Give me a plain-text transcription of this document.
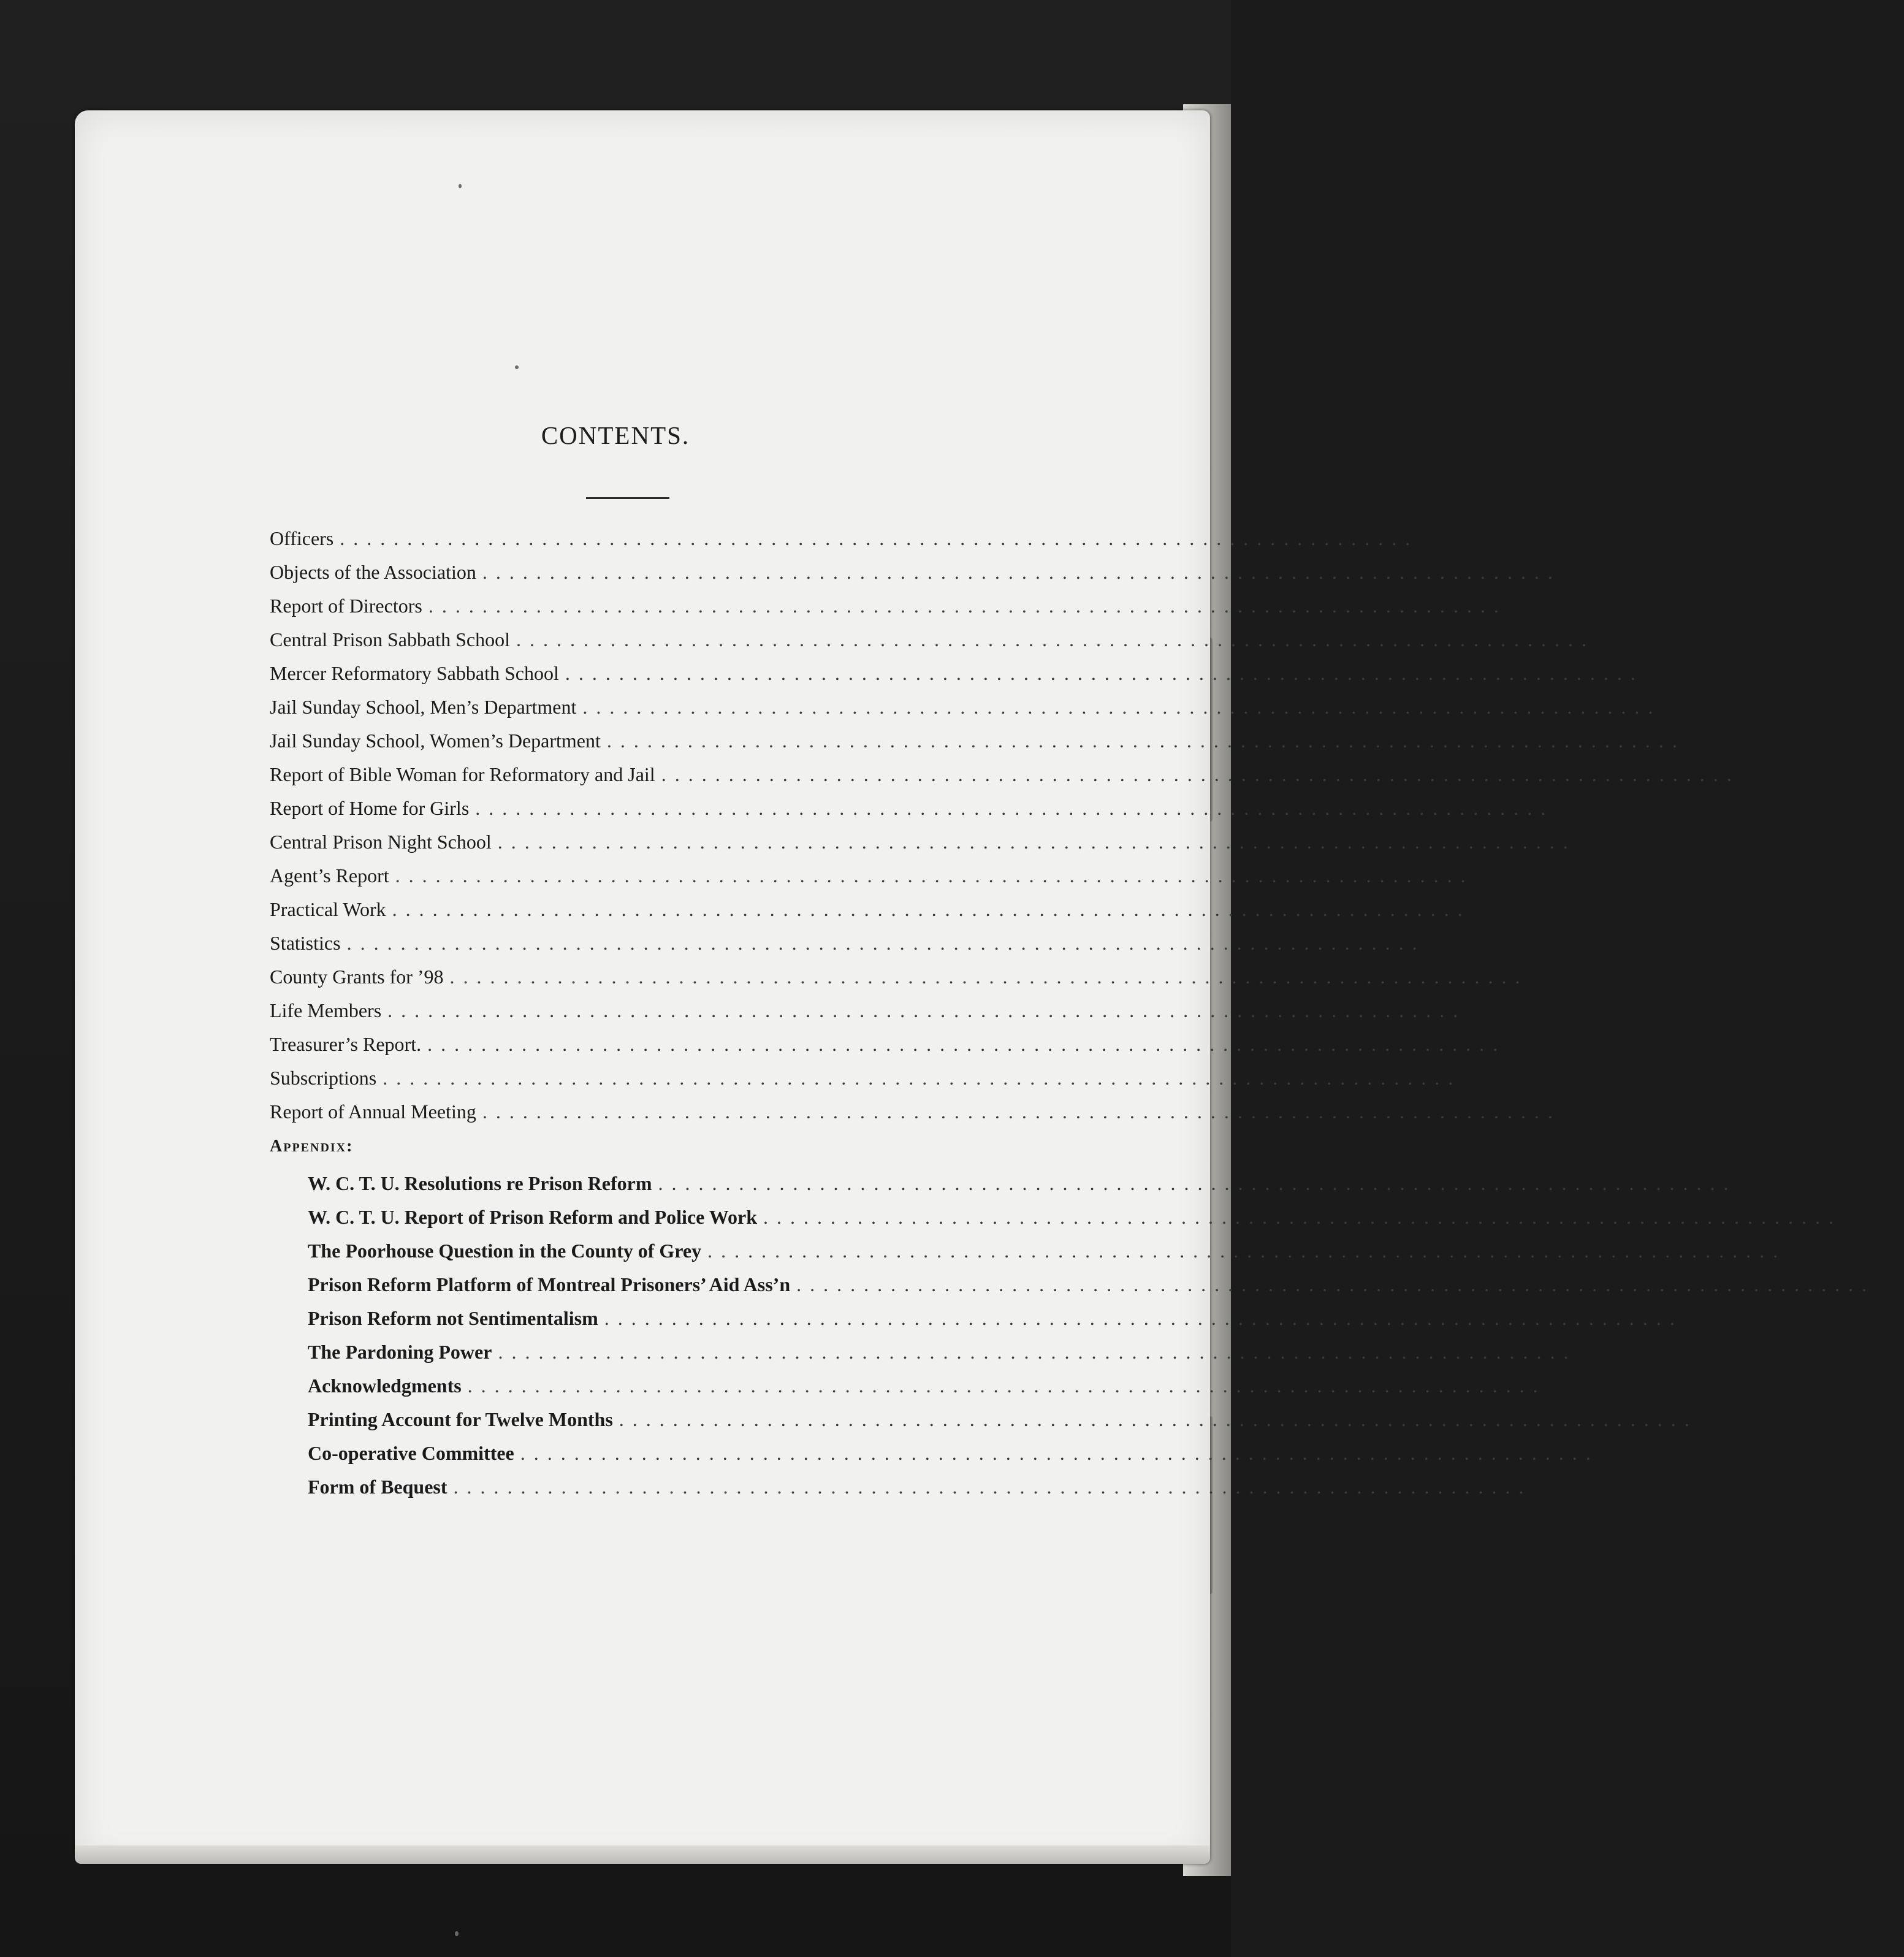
CONTENTS.
Officers . . . . . . . . . . . . . . . . . . . . . . . . . . . . . . . . . . . . . . . . . . . . . . . . . . . . . . . . . . . . . . . . . . . . . . . . . . . . . . . .	3
Objects of the Association . . . . . . . . . . . . . . . . . . . . . . . . . . . . . . . . . . . . . . . . . . . . . . . . . . . . . . . . . . . . . . . . . . . . . . . . . . . . . . . .	5
Report of Directors . . . . . . . . . . . . . . . . . . . . . . . . . . . . . . . . . . . . . . . . . . . . . . . . . . . . . . . . . . . . . . . . . . . . . . . . . . . . . . . .	6
Central Prison Sabbath School . . . . . . . . . . . . . . . . . . . . . . . . . . . . . . . . . . . . . . . . . . . . . . . . . . . . . . . . . . . . . . . . . . . . . . . . . . . . . . . . 10
Mercer Reformatory Sabbath School . . . . . . . . . . . . . . . . . . . . . . . . . . . . . . . . . . . . . . . . . . . . . . . . . . . . . . . . . . . . . . . . . . . . . . . . . . . . . . . . 11
Jail Sunday School, Men’s Department . . . . . . . . . . . . . . . . . . . . . . . . . . . . . . . . . . . . . . . . . . . . . . . . . . . . . . . . . . . . . . . . . . . . . . . . . . . . . . . . 12
Jail Sunday School, Women’s Department . . . . . . . . . . . . . . . . . . . . . . . . . . . . . . . . . . . . . . . . . . . . . . . . . . . . . . . . . . . . . . . . . . . . . . . . . . . . . . . . 14
Report of Bible Woman for Reformatory and Jail . . . . . . . . . . . . . . . . . . . . . . . . . . . . . . . . . . . . . . . . . . . . . . . . . . . . . . . . . . . . . . . . . . . . . . . . . . . . . . . . 15
Report of Home for Girls . . . . . . . . . . . . . . . . . . . . . . . . . . . . . . . . . . . . . . . . . . . . . . . . . . . . . . . . . . . . . . . . . . . . . . . . . . . . . . . . 17
Central Prison Night School . . . . . . . . . . . . . . . . . . . . . . . . . . . . . . . . . . . . . . . . . . . . . . . . . . . . . . . . . . . . . . . . . . . . . . . . . . . . . . . . 19
Agent’s Report . . . . . . . . . . . . . . . . . . . . . . . . . . . . . . . . . . . . . . . . . . . . . . . . . . . . . . . . . . . . . . . . . . . . . . . . . . . . . . . . 20
Practical Work . . . . . . . . . . . . . . . . . . . . . . . . . . . . . . . . . . . . . . . . . . . . . . . . . . . . . . . . . . . . . . . . . . . . . . . . . . . . . . . . 22
Statistics . . . . . . . . . . . . . . . . . . . . . . . . . . . . . . . . . . . . . . . . . . . . . . . . . . . . . . . . . . . . . . . . . . . . . . . . . . . . . . . . 22
County Grants for ’98 . . . . . . . . . . . . . . . . . . . . . . . . . . . . . . . . . . . . . . . . . . . . . . . . . . . . . . . . . . . . . . . . . . . . . . . . . . . . . . . . 23
Life Members . . . . . . . . . . . . . . . . . . . . . . . . . . . . . . . . . . . . . . . . . . . . . . . . . . . . . . . . . . . . . . . . . . . . . . . . . . . . . . . . 23
Treasurer’s Report. . . . . . . . . . . . . . . . . . . . . . . . . . . . . . . . . . . . . . . . . . . . . . . . . . . . . . . . . . . . . . . . . . . . . . . . . . . . . . . . . 24
Subscriptions . . . . . . . . . . . . . . . . . . . . . . . . . . . . . . . . . . . . . . . . . . . . . . . . . . . . . . . . . . . . . . . . . . . . . . . . . . . . . . . . 25
Report of Annual Meeting . . . . . . . . . . . . . . . . . . . . . . . . . . . . . . . . . . . . . . . . . . . . . . . . . . . . . . . . . . . . . . . . . . . . . . . . . . . . . . . . 29
Appendix:
W. C. T. U. Resolutions re Prison Reform . . . . . . . . . . . . . . . . . . . . . . . . . . . . . . . . . . . . . . . . . . . . . . . . . . . . . . . . . . . . . . . . . . . . . . . . . . . . . . . . 36
W. C. T. U. Report of Prison Reform and Police Work . . . . . . . . . . . . . . . . . . . . . . . . . . . . . . . . . . . . . . . . . . . . . . . . . . . . . . . . . . . . . . . . . . . . . . . . . . . . . . . . 37
The Poorhouse Question in the County of Grey . . . . . . . . . . . . . . . . . . . . . . . . . . . . . . . . . . . . . . . . . . . . . . . . . . . . . . . . . . . . . . . . . . . . . . . . . . . . . . . . 40
Prison Reform Platform of Montreal Prisoners’ Aid Ass’n . . . . . . . . . . . . . . . . . . . . . . . . . . . . . . . . . . . . . . . . . . . . . . . . . . . . . . . . . . . . . . . . . . . . . . . . . . . . . . . . 43
Prison Reform not Sentimentalism . . . . . . . . . . . . . . . . . . . . . . . . . . . . . . . . . . . . . . . . . . . . . . . . . . . . . . . . . . . . . . . . . . . . . . . . . . . . . . . . 45
The Pardoning Power . . . . . . . . . . . . . . . . . . . . . . . . . . . . . . . . . . . . . . . . . . . . . . . . . . . . . . . . . . . . . . . . . . . . . . . . . . . . . . . . 45
Acknowledgments . . . . . . . . . . . . . . . . . . . . . . . . . . . . . . . . . . . . . . . . . . . . . . . . . . . . . . . . . . . . . . . . . . . . . . . . . . . . . . . . 46
Printing Account for Twelve Months . . . . . . . . . . . . . . . . . . . . . . . . . . . . . . . . . . . . . . . . . . . . . . . . . . . . . . . . . . . . . . . . . . . . . . . . . . . . . . . . 47
Co-operative Committee . . . . . . . . . . . . . . . . . . . . . . . . . . . . . . . . . . . . . . . . . . . . . . . . . . . . . . . . . . . . . . . . . . . . . . . . . . . . . . . . 47
Form of Bequest . . . . . . . . . . . . . . . . . . . . . . . . . . . . . . . . . . . . . . . . . . . . . . . . . . . . . . . . . . . . . . . . . . . . . . . . . . . . . . . . 48
